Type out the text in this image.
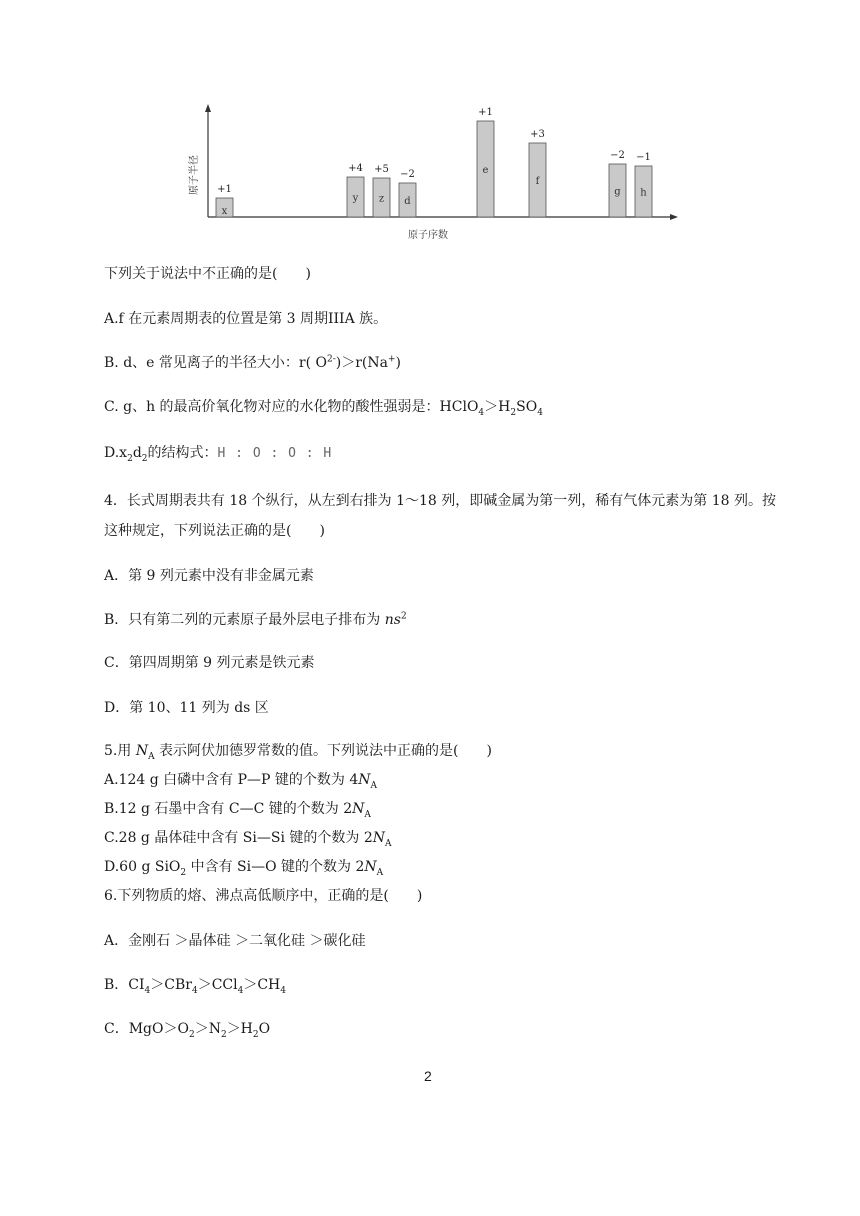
原子半径
原子序数
x
+1
y
+4
z
+5
d
−2	e
+1
f
+3
g
−2
h
−1
下列关于说法中不正确的是(　　)
A.f 在元素周期表的位置是第 3 周期IIIA 族。
B. d、e 常见离子的半径大小：r( $O^{2-})>r(Na^+)$
C. g、h 的最高价氧化物对应的水化物的酸性强弱是：$HClO_4>H_2SO_4$
$D.x_2d_2$的结构式：H : O : O : H
4．长式周期表共有 18 个纵行，从左到右排为 1～18 列，即碱金属为第一列，稀有气体元素为第 18 列。按这种规定，下列说法正确的是(　　)
A．第 9 列元素中没有非金属元素
B．只有第二列的元素原子最外层电子排布为 $ns^2$
C．第四周期第 9 列元素是铁元素
D．第 10、11 列为 ds 区
5.用 $N_A$ 表示阿伏加德罗常数的值。下列说法中正确的是(　　)
A.124 g 白磷中含有 P—P 键的个数为 $4N_A$
B.12 g 石墨中含有 C—C 键的个数为 $2N_A$
C.28 g 晶体硅中含有 Si—Si 键的个数为 $2N_A$
D.60 g SiO$_2$ 中含有 Si—O 键的个数为 $2N_A$
6.下列物质的熔、沸点高低顺序中，正确的是(　　)
A．金刚石 ＞晶体硅 ＞二氧化硅 ＞碳化硅
B．$CI_4>CBr_4>CCl_4>CH_4$
C．$MgO>O_2>N_2>H_2O$
2
